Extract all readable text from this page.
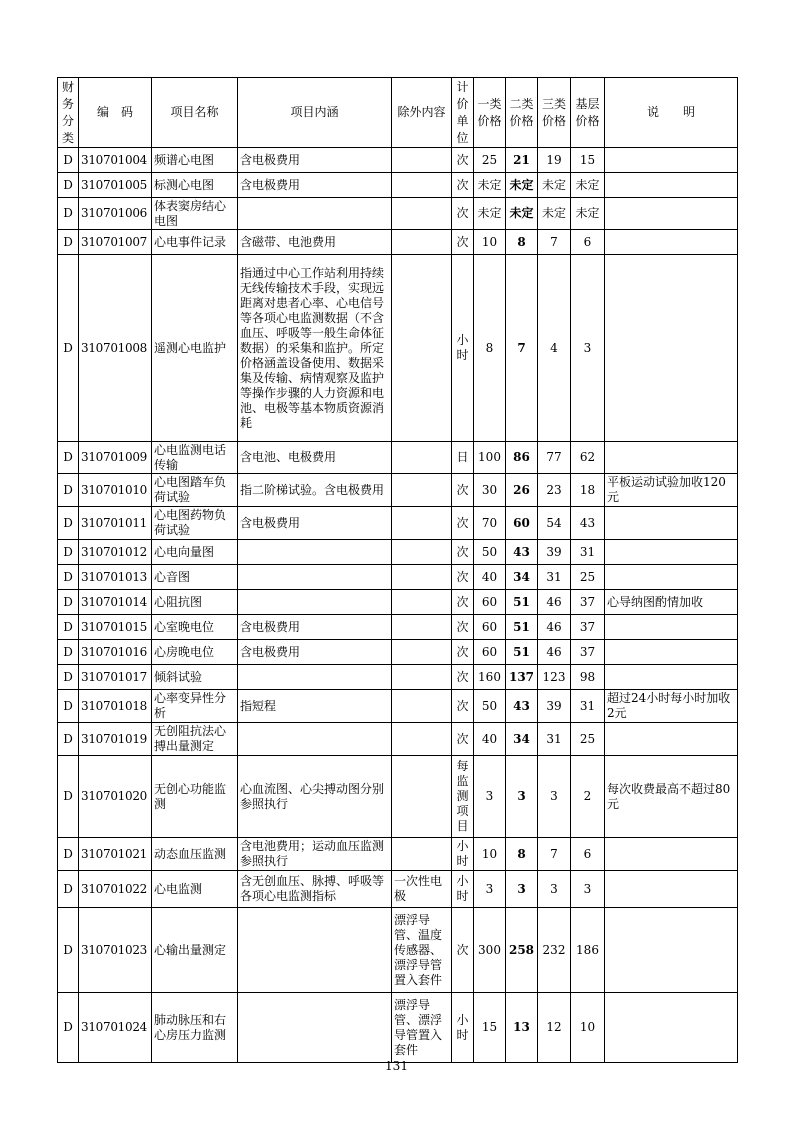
财务分类	编　码	项目名称	项目内涵	除外内容	计价单位	一类价格	二类价格	三类价格	基层价格	说　　明
D	310701004	频谱心电图	含电极费用		次	25	21	19	15	
D	310701005	标测心电图	含电极费用		次	未定	未定	未定	未定	
D	310701006	体表窦房结心电图			次	未定	未定	未定	未定	
D	310701007	心电事件记录	含磁带、电池费用		次	10	8	7	6	
D	310701008	遥测心电监护	指通过中心工作站利用持续无线传输技术手段，实现远距离对患者心率、心电信号等各项心电监测数据（不含血压、呼吸等一般生命体征数据）的采集和监护。所定价格涵盖设备使用、数据采集及传输、病情观察及监护等操作步骤的人力资源和电池、电极等基本物质资源消耗		小时	8	7	4	3	
D	310701009	心电监测电话传输	含电池、电极费用		日	100	86	77	62	
D	310701010	心电图踏车负荷试验	指二阶梯试验。含电极费用		次	30	26	23	18	平板运动试验加收120元
D	310701011	心电图药物负荷试验	含电极费用		次	70	60	54	43	
D	310701012	心电向量图			次	50	43	39	31	
D	310701013	心音图			次	40	34	31	25	
D	310701014	心阻抗图			次	60	51	46	37	心导纳图酌情加收
D	310701015	心室晚电位	含电极费用		次	60	51	46	37	
D	310701016	心房晚电位	含电极费用		次	60	51	46	37	
D	310701017	倾斜试验			次	160	137	123	98	
D	310701018	心率变异性分析	指短程		次	50	43	39	31	超过24小时每小时加收2元
D	310701019	无创阻抗法心搏出量测定			次	40	34	31	25	
D	310701020	无创心功能监测	心血流图、心尖搏动图分别参照执行		每监测项目	3	3	3	2	每次收费最高不超过80元
D	310701021	动态血压监测	含电池费用；运动血压监测参照执行		小时	10	8	7	6	
D	310701022	心电监测	含无创血压、脉搏、呼吸等各项心电监测指标	一次性电极	小时	3	3	3	3	
D	310701023	心输出量测定		漂浮导管、温度传感器、漂浮导管置入套件	次	300	258	232	186	
D	310701024	肺动脉压和右心房压力监测		漂浮导管、漂浮导管置入套件	小时	15	13	12	10	
131
